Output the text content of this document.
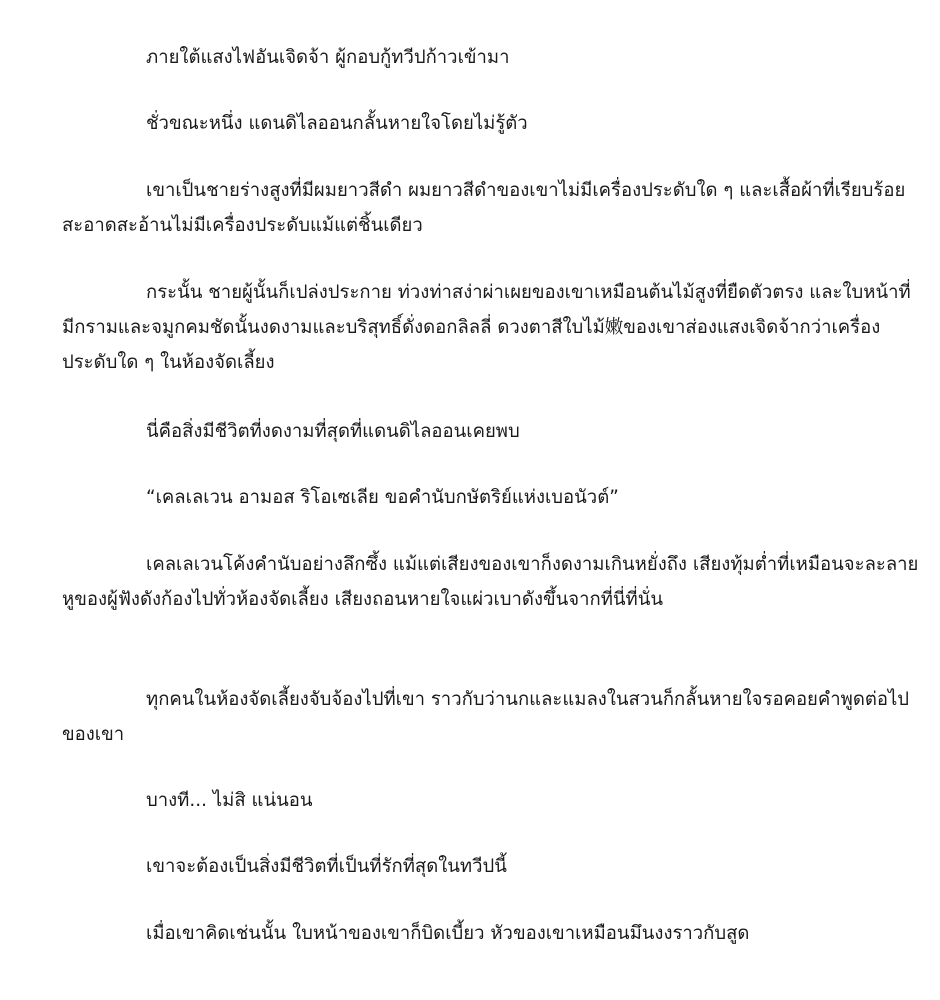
ภายใต้แสงไฟอันเจิดจ้า ผู้กอบกู้ทวีปก้าวเข้ามา

ชั่วขณะหนึ่ง แดนดิไลออนกลั้นหายใจโดยไม่รู้ตัว

เขาเป็นชายร่างสูงที่มีผมยาวสีดำ ผมยาวสีดำของเขาไม่มีเครื่องประดับใด ๆ และเสื้อผ้าที่เรียบร้อยสะอาดสะอ้านไม่มีเครื่องประดับแม้แต่ชิ้นเดียว

กระนั้น ชายผู้นั้นก็เปล่งประกาย ท่วงท่าสง่าผ่าเผยของเขาเหมือนต้นไม้สูงที่ยืดตัวตรง และใบหน้าที่มีกรามและจมูกคมชัดนั้นงดงามและบริสุทธิ์ดั่งดอกลิลลี่ ดวงตาสีใบไม้嫩ของเขาส่องแสงเจิดจ้ากว่าเครื่องประดับใด ๆ ในห้องจัดเลี้ยง

นี่คือสิ่งมีชีวิตที่งดงามที่สุดที่แดนดิไลออนเคยพบ

“เคลเลเวน อามอส ริโอเซเลีย ขอคำนับกษัตริย์แห่งเบอนัวต์”

เคลเลเวนโค้งคำนับอย่างลึกซึ้ง แม้แต่เสียงของเขาก็งดงามเกินหยั่งถึง เสียงทุ้มต่ำที่เหมือนจะละลายหูของผู้ฟังดังก้องไปทั่วห้องจัดเลี้ยง เสียงถอนหายใจแผ่วเบาดังขึ้นจากที่นี่ที่นั่น

ทุกคนในห้องจัดเลี้ยงจับจ้องไปที่เขา ราวกับว่านกและแมลงในสวนก็กลั้นหายใจรอคอยคำพูดต่อไปของเขา

บางที... ไม่สิ แน่นอน

เขาจะต้องเป็นสิ่งมีชีวิตที่เป็นที่รักที่สุดในทวีปนี้

เมื่อเขาคิดเช่นนั้น ใบหน้าของเขาก็บิดเบี้ยว หัวของเขาเหมือนมึนงงราวกับสูด
